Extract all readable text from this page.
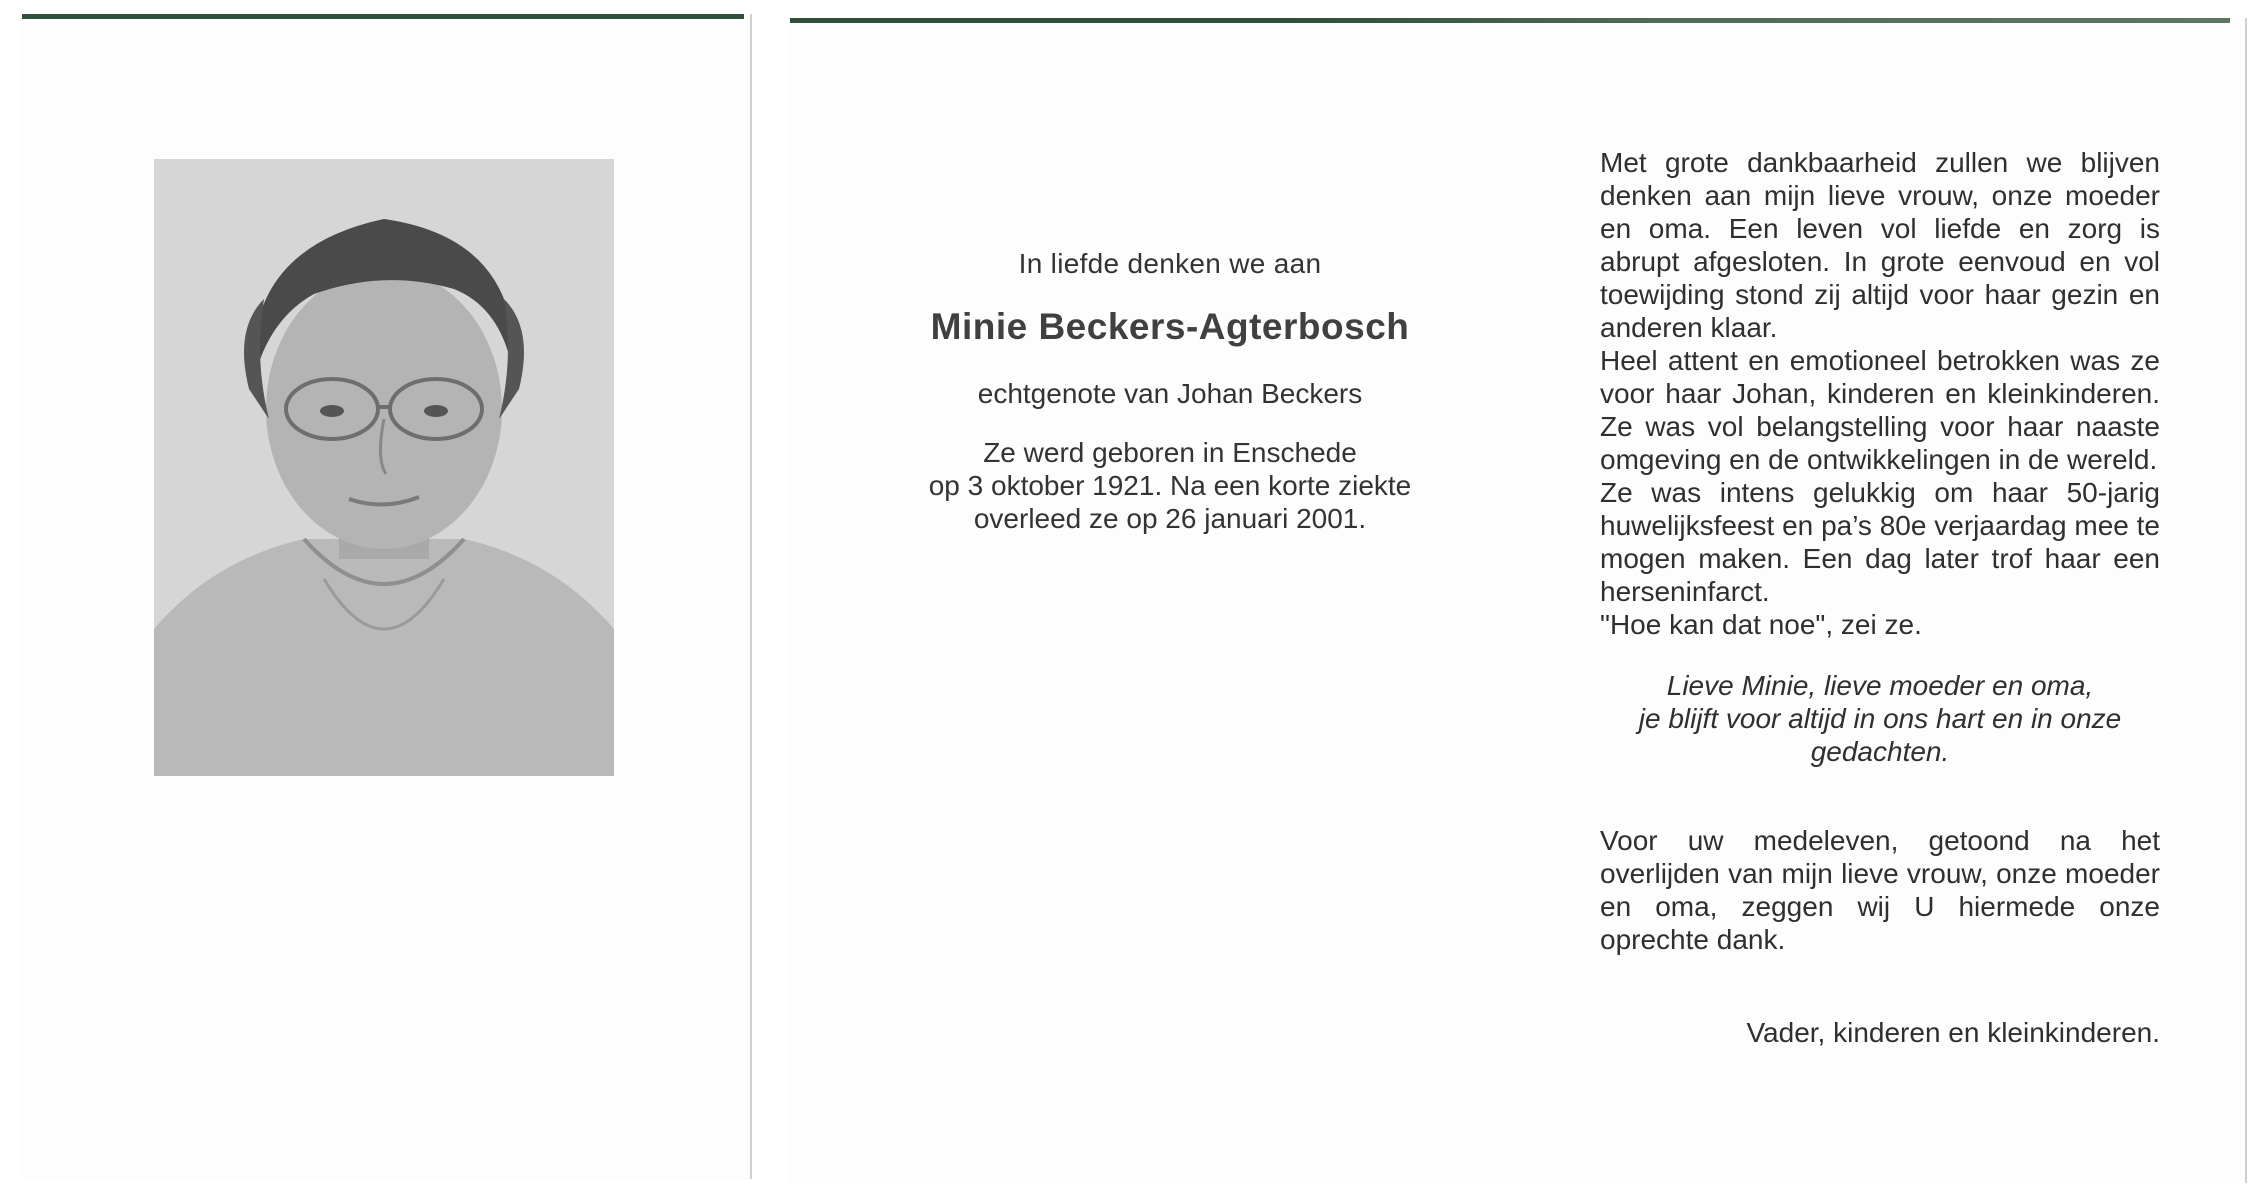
In liefde denken we aan
Minie Beckers-Agterbosch
echtgenote van Johan Beckers
Ze werd geboren in Enschede
op 3 oktober 1921. Na een korte ziekte
overleed ze op 26 januari 2001.
Met grote dankbaarheid zullen we blijven denken aan mijn lieve vrouw, onze moeder en oma. Een leven vol liefde en zorg is abrupt afgesloten. In grote eenvoud en vol toewijding stond zij altijd voor haar gezin en anderen klaar.
Heel attent en emotioneel betrokken was ze voor haar Johan, kinderen en kleinkinderen. Ze was vol belangstelling voor haar naaste omgeving en de ontwikkelingen in de wereld.
Ze was intens gelukkig om haar 50-jarig huwelijksfeest en pa’s 80e verjaardag mee te mogen maken. Een dag later trof haar een herseninfarct.
"Hoe kan dat noe", zei ze.
Lieve Minie, lieve moeder en oma,
je blijft voor altijd in ons hart en in onze
gedachten.
Voor uw medeleven, getoond na het overlijden van mijn lieve vrouw, onze moeder en oma, zeggen wij U hiermede onze oprechte dank.
Vader, kinderen en kleinkinderen.
